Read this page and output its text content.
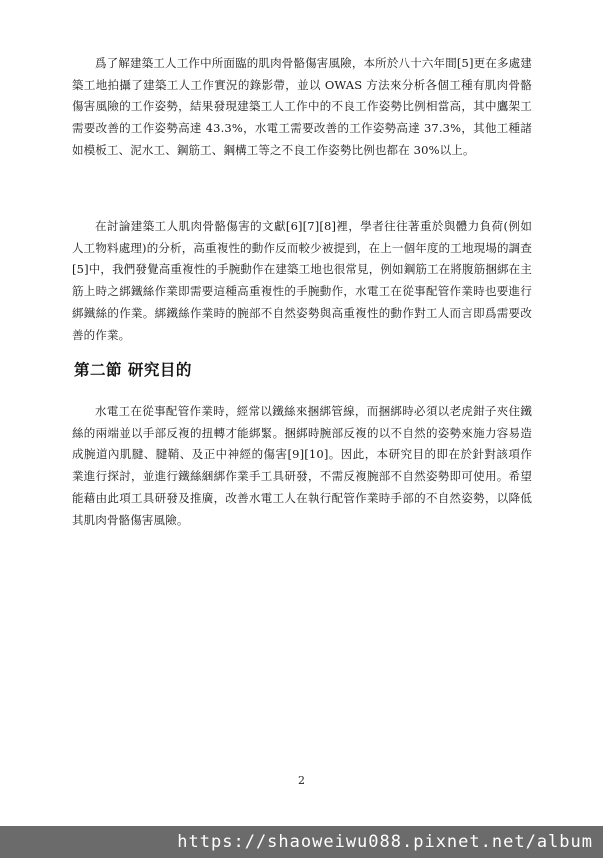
爲了解建築工人工作中所面臨的肌肉骨骼傷害風險，本所於八十六年間[5]更在多處建築工地拍攝了建築工人工作實況的錄影帶，並以 OWAS 方法來分析各個工種有肌肉骨骼傷害風險的工作姿勢，結果發現建築工人工作中的不良工作姿勢比例相當高，其中鷹架工需要改善的工作姿勢高達 43.3%，水電工需要改善的工作姿勢高達 37.3%，其他工種諸如模板工、泥水工、鋼筋工、鋼構工等之不良工作姿勢比例也都在 30%以上。

在討論建築工人肌肉骨骼傷害的文獻[6][7][8]裡，學者往往著重於與體力負荷(例如人工物料處理)的分析，高重複性的動作反而較少被提到，在上一個年度的工地現場的調查[5]中，我們發覺高重複性的手腕動作在建築工地也很常見，例如鋼筋工在將腹筋捆綁在主筋上時之綁鐵絲作業即需要這種高重複性的手腕動作，水電工在從事配管作業時也要進行綁鐵絲的作業。綁鐵絲作業時的腕部不自然姿勢與高重複性的動作對工人而言即爲需要改善的作業。

第二節 研究目的

水電工在從事配管作業時，經常以鐵絲來捆綁管線，而捆綁時必須以老虎鉗子夾住鐵絲的兩端並以手部反複的扭轉才能綁緊。捆綁時腕部反複的以不自然的姿勢來施力容易造成腕道內肌腱、腱鞘、及正中神經的傷害[9][10]。因此，本研究目的即在於針對該項作業進行探討，並進行鐵絲綑綁作業手工具研發，不需反複腕部不自然姿勢即可使用。希望能藉由此項工具研發及推廣，改善水電工人在執行配管作業時手部的不自然姿勢，以降低其肌肉骨骼傷害風險。

2
https://shaoweiwu088.pixnet.net/album
